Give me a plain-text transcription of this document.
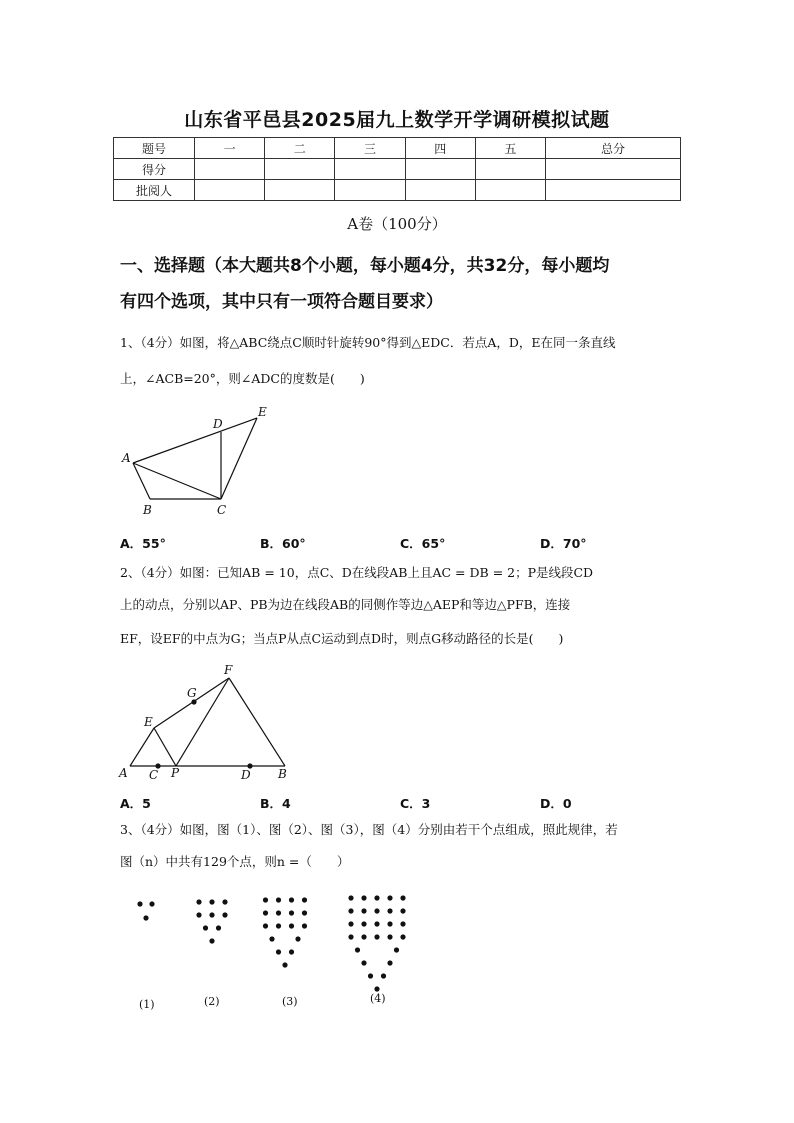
山东省平邑县2025届九上数学开学调研模拟试题
题号	一	二	三	四	五	总分
得分						
批阅人						
A卷（100分）
一、选择题（本大题共8个小题，每小题4分，共32分，每小题均
有四个选项，其中只有一项符合题目要求）
1、（4分）如图，将△ABC绕点C顺时针旋转90°得到△EDC．若点A，D，E在同一条直线
上，∠ACB=20°，则∠ADC的度数是(　　)
A
B	C
D
E
A．55°	B．60°	C．65°	D．70°
2、（4分）如图：已知AB = 10，点C、D在线段AB上且AC = DB = 2；P是线段CD
上的动点，分别以AP、PB为边在线段AB的同侧作等边△AEP和等边△PFB，连接
EF，设EF的中点为G；当点P从点C运动到点D时，则点G移动路径的长是(　　)
A C P	D B
E
G
F
A．5	B．4	C．3	D．0
3、（4分）如图，图（1）、图（2）、图（3），图（4）分别由若干个点组成，照此规律，若
图（n）中共有129个点，则n =（　　）
(1)	(2)	(3)	(4)
